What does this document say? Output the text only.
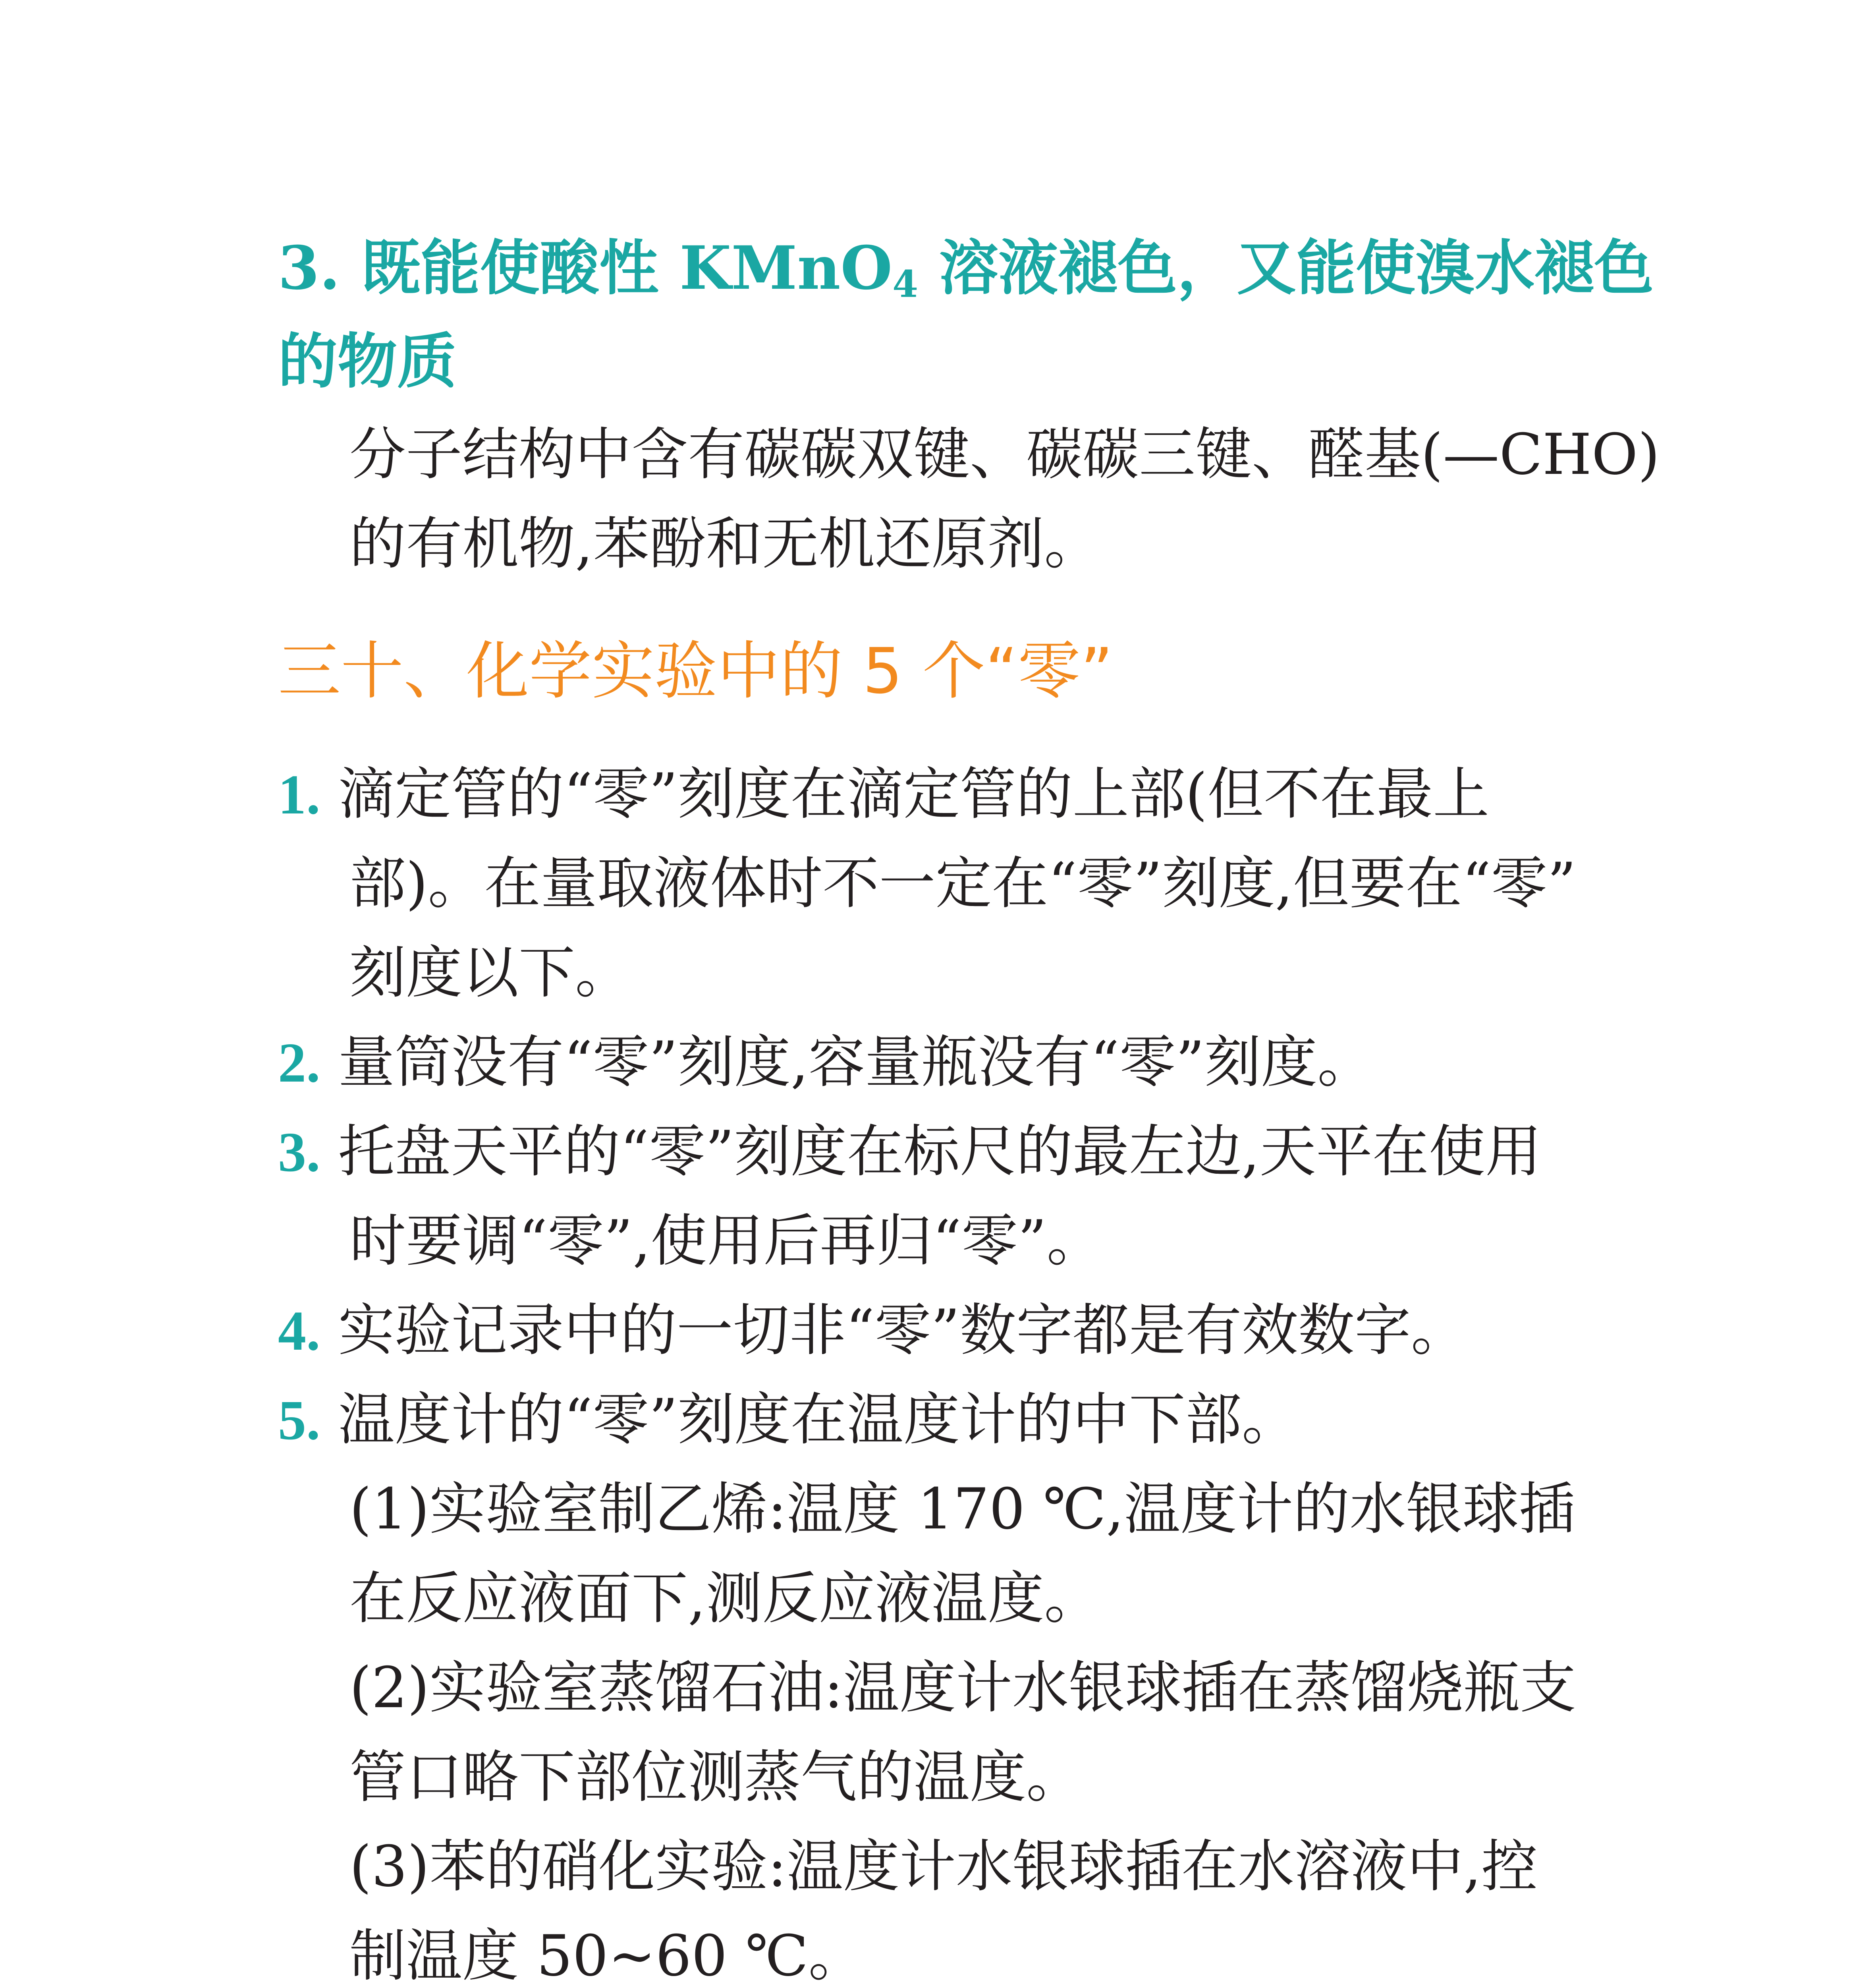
3. 既能使酸性 KMnO$_4$ 溶液褪色，又能使溴水褪色
的物质
分子结构中含有碳碳双键、碳碳三键、醛基(—CHO)
的有机物,苯酚和无机还原剂。
三十、化学实验中的 5 个“零”
1. 滴定管的“零”刻度在滴定管的上部(但不在最上
部)。在量取液体时不一定在“零”刻度,但要在“零”
刻度以下。
2. 量筒没有“零”刻度,容量瓶没有“零”刻度。
3. 托盘天平的“零”刻度在标尺的最左边,天平在使用
时要调“零”,使用后再归“零”。
4. 实验记录中的一切非“零”数字都是有效数字。
5. 温度计的“零”刻度在温度计的中下部。
(1)实验室制乙烯:温度 170 ℃,温度计的水银球插
在反应液面下,测反应液温度。
(2)实验室蒸馏石油:温度计水银球插在蒸馏烧瓶支
管口略下部位测蒸气的温度。
(3)苯的硝化实验:温度计水银球插在水溶液中,控
制温度 50~60 ℃。
